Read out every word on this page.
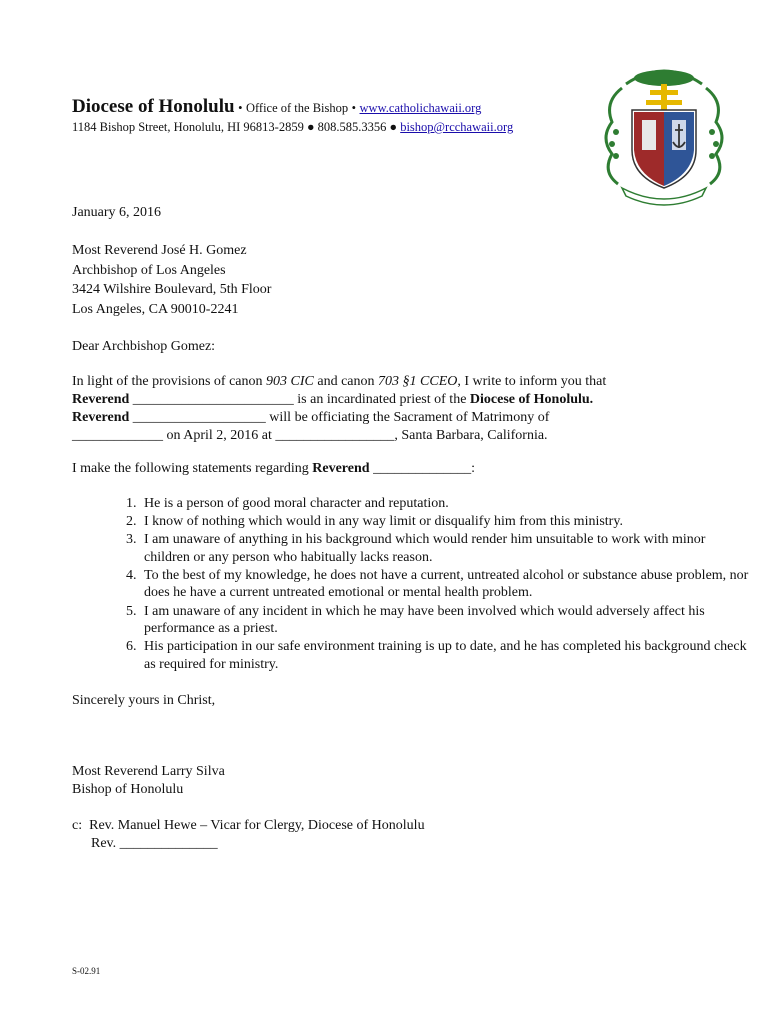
Diocese of Honolulu • Office of the Bishop • www.catholichawaii.org
1184 Bishop Street, Honolulu, HI 96813-2859 ● 808.585.3356 ● bishop@rcchawaii.org
January 6, 2016
Most Reverend José H. Gomez
Archbishop of Los Angeles
3424 Wilshire Boulevard, 5th Floor
Los Angeles, CA 90010-2241
Dear Archbishop Gomez:
In light of the provisions of canon 903 CIC and canon 703 §1 CCEO, I write to inform you that
Reverend _______________________ is an incardinated priest of the Diocese of Honolulu.
Reverend ___________________ will be officiating the Sacrament of Matrimony of
_____________ on April 2, 2016 at _________________, Santa Barbara, California.
I make the following statements regarding Reverend ______________:
1. He is a person of good moral character and reputation.
2. I know of nothing which would in any way limit or disqualify him from this ministry.
3. I am unaware of anything in his background which would render him unsuitable to work with minor children or any person who habitually lacks reason.
4. To the best of my knowledge, he does not have a current, untreated alcohol or substance abuse problem, nor does he have a current untreated emotional or mental health problem.
5. I am unaware of any incident in which he may have been involved which would adversely affect his performance as a priest.
6. His participation in our safe environment training is up to date, and he has completed his background check as required for ministry.
Sincerely yours in Christ,
Most Reverend Larry Silva
Bishop of Honolulu
c: Rev. Manuel Hewe – Vicar for Clergy, Diocese of Honolulu
Rev. ______________
S-02.91
